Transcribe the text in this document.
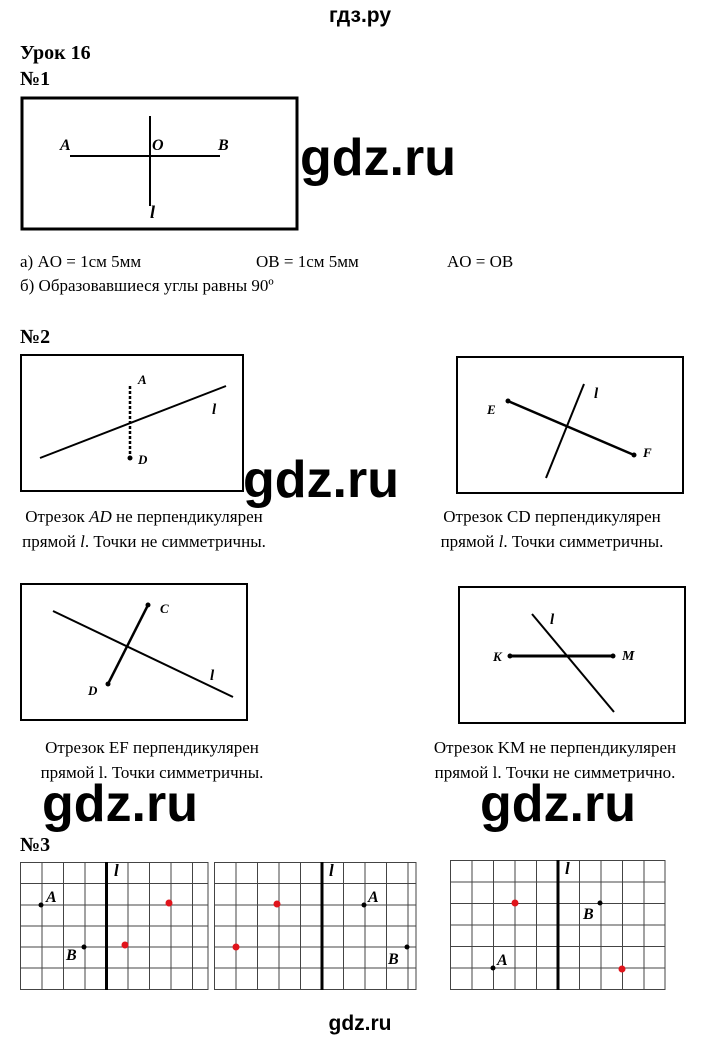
гдз.ру
Урок 16
№1
A	O	B
l
gdz.ru
а) AO = 1см 5мм	OB = 1см 5мм	AO = OB
б) Образовавшиеся углы равны 90º
№2
A
D
l	E
F
l
gdz.ru
Отрезок AD не перпендикулярен
прямой l. Точки не симметричны.
Отрезок CD перпендикулярен
прямой l. Точки симметричны.
C
D
l
K	M
l
Отрезок EF перпендикулярен
прямой l. Точки симметричны.
Отрезок KM не перпендикулярен
прямой l. Точки не симметрично.
gdz.ru	gdz.ru
№3
l
A
B
l
A
B
l
B
A
gdz.ru
